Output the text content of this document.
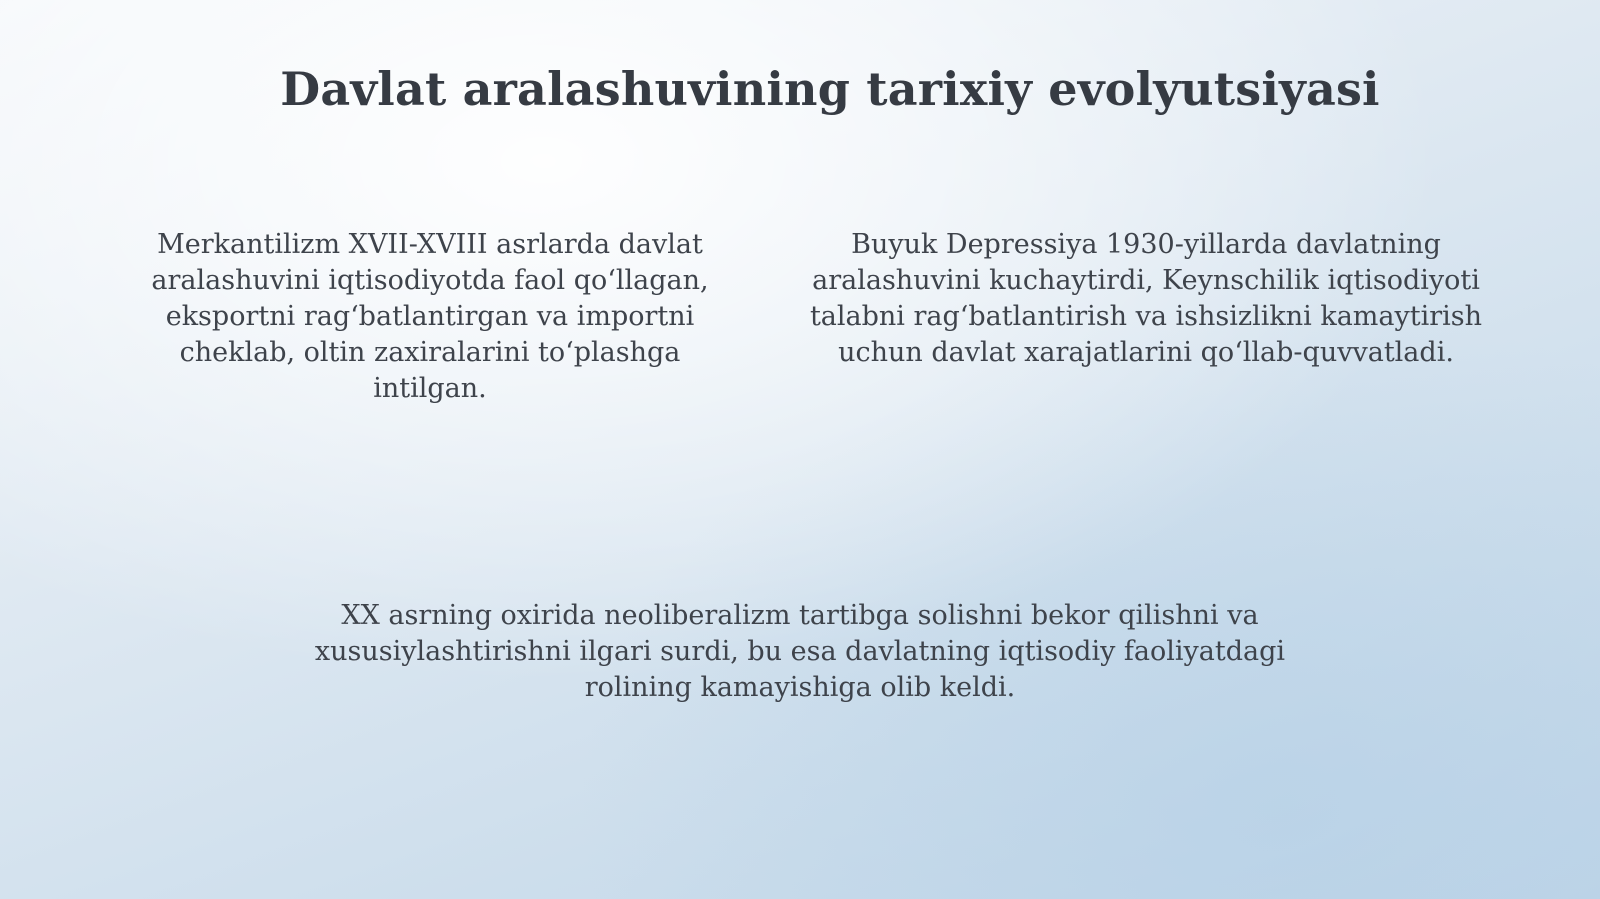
Davlat aralashuvining tarixiy evolyutsiyasi

Merkantilizm XVII-XVIII asrlarda davlat aralashuvini iqtisodiyotda faol qo‘llagan, eksportni rag‘batlantirgan va importni cheklab, oltin zaxiralarini to‘plashga intilgan.

Buyuk Depressiya 1930-yillarda davlatning aralashuvini kuchaytirdi, Keynschilik iqtisodiyoti talabni rag‘batlantirish va ishsizlikni kamaytirish uchun davlat xarajatlarini qo‘llab-quvvatladi.

XX asrning oxirida neoliberalizm tartibga solishni bekor qilishni va xususiylashtirishni ilgari surdi, bu esa davlatning iqtisodiy faoliyatdagi rolining kamayishiga olib keldi.
